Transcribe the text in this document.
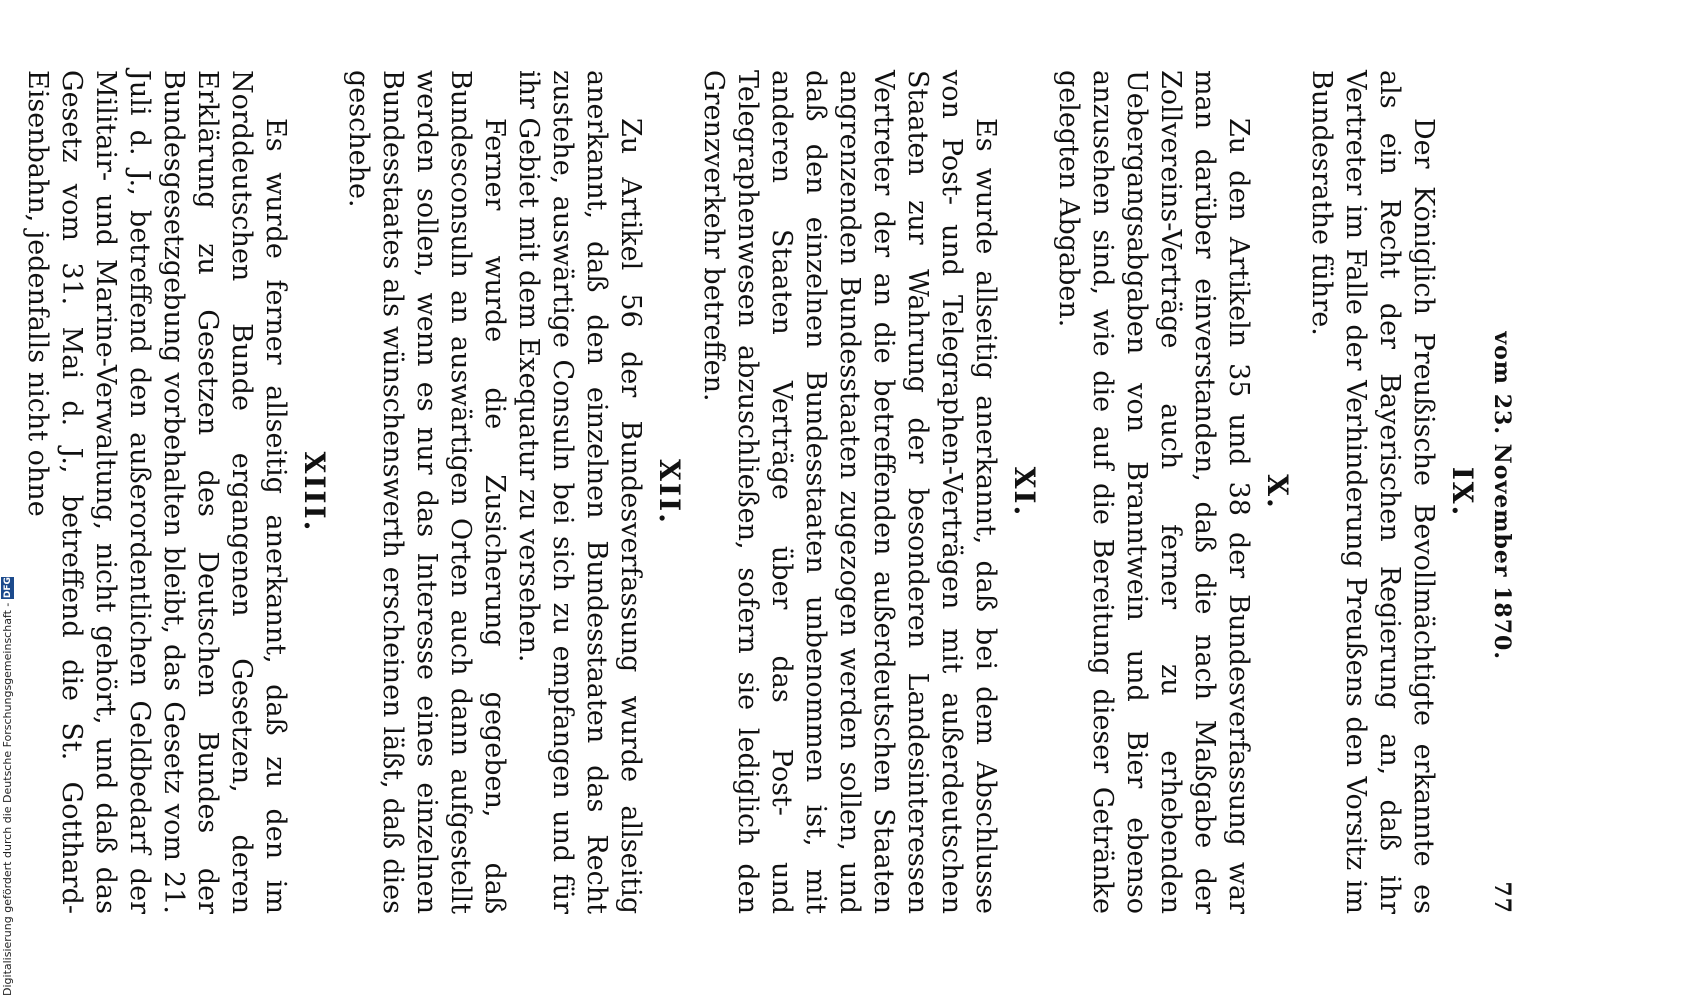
Digitalisierung gefördert durch die Deutsche Forschungsgemeinschaft -
DFG	vom 23. November 1870.
77
IX.

Der Königlich Preußische Bevollmächtigte erkannte es als ein Recht der Bayerischen Regierung an, daß ihr Vertreter im Falle der Verhinderung Preußens den Vorsitz im Bundesrathe führe.

X.

Zu den Artikeln 35 und 38 der Bundesverfassung war man darüber einverstanden, daß die nach Maßgabe der Zollvereins-Verträge auch ferner zu erhebenden Uebergangsabgaben von Branntwein und Bier ebenso anzusehen sind, wie die auf die Bereitung dieser Getränke gelegten Abgaben.

XI.

Es wurde allseitig anerkannt, daß bei dem Abschlusse von Post- und Telegraphen-Verträgen mit außerdeutschen Staaten zur Wahrung der besonderen Landesinteressen Vertreter der an die betreffenden außerdeutschen Staaten angrenzenden Bundesstaaten zugezogen werden sollen, und daß den einzelnen Bundesstaaten unbenommen ist, mit anderen Staaten Verträge über das Post- und Telegraphenwesen abzuschließen, sofern sie lediglich den Grenzverkehr betreffen.

XII.

Zu Artikel 56 der Bundesverfassung wurde allseitig anerkannt, daß den einzelnen Bundesstaaten das Recht zustehe, auswärtige Consuln bei sich zu empfangen und für ihr Gebiet mit dem Exequatur zu versehen.

Ferner wurde die Zusicherung gegeben, daß Bundesconsuln an auswärtigen Orten auch dann aufgestellt werden sollen, wenn es nur das Interesse eines einzelnen Bundesstaates als wünschenswerth erscheinen läßt, daß dies geschehe.

XIII.

Es wurde ferner allseitig anerkannt, daß zu den im Norddeutschen Bunde ergangenen Gesetzen, deren Erklärung zu Gesetzen des Deutschen Bundes der Bundesgesetzgebung vorbehalten bleibt, das Gesetz vom 21. Juli d. J., betreffend den außerordentlichen Geldbedarf der Militair- und Marine-Verwaltung, nicht gehört, und daß das Gesetz vom 31. Mai d. J., betreffend die St. Gotthard-Eisenbahn, jedenfalls nicht ohne
